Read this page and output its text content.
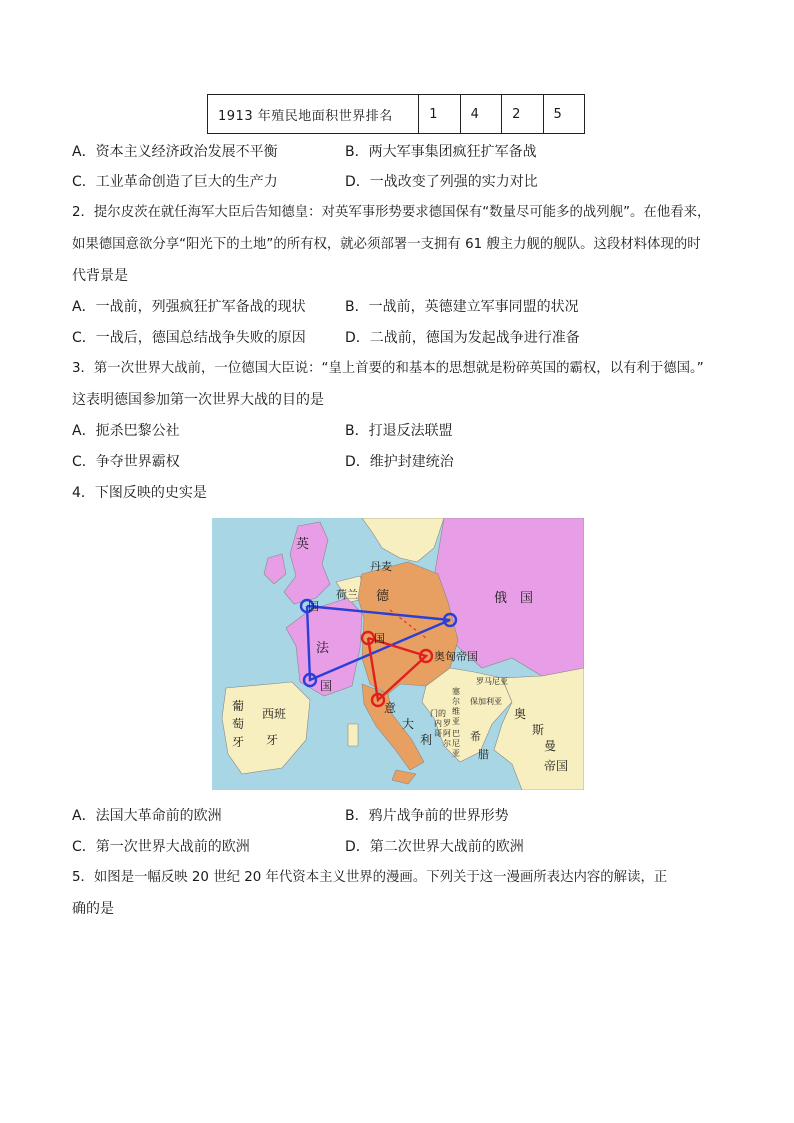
1913 年殖民地面积世界排名	1	4	2	5
A．资本主义经济政治发展不平衡	B．两大军事集团疯狂扩军备战
C．工业革命创造了巨大的生产力	D．一战改变了列强的实力对比
2．提尔皮茨在就任海军大臣后告知德皇：对英军事形势要求德国保有“数量尽可能多的战列舰”。在他看来，
如果德国意欲分享“阳光下的土地”的所有权，就必须部署一支拥有 61 艘主力舰的舰队。这段材料体现的时
代背景是
A．一战前，列强疯狂扩军备战的现状	B．一战前，英德建立军事同盟的状况
C．一战后，德国总结战争失败的原因	D．二战前，德国为发起战争进行准备
3．第一次世界大战前，一位德国大臣说：“皇上首要的和基本的思想就是粉碎英国的霸权，以有利于德国。”
这表明德国参加第一次世界大战的目的是
A．扼杀巴黎公社	B．打退反法联盟
C．争夺世界霸权	D．维护封建统治
4．下图反映的史实是
英
丹麦
荷兰 德	俄　国
国
法
国
国
奥匈帝国
意
大
利
葡
萄
牙
西班
牙
罗马尼亚
塞
尔
维
亚
保加利亚
门的
内
哥
罗
阿
尔
巴
尼
亚
希
腊
奥
斯
曼
帝国
A．法国大革命前的欧洲	B．鸦片战争前的世界形势
C．第一次世界大战前的欧洲	D．第二次世界大战前的欧洲
5．如图是一幅反映 20 世纪 20 年代资本主义世界的漫画。下列关于这一漫画所表达内容的解读，正
确的是
